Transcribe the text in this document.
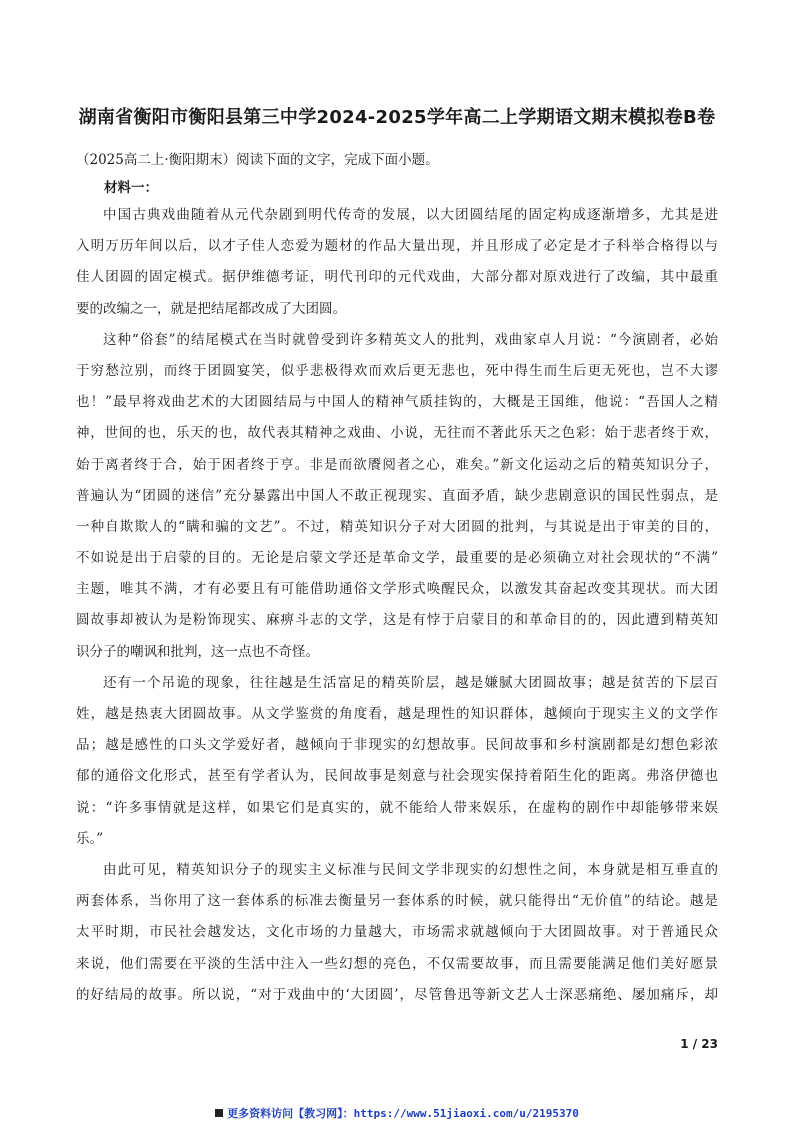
湖南省衡阳市衡阳县第三中学2024-2025学年高二上学期语文期末模拟卷B卷
（2025高二上·衡阳期末）阅读下面的文字，完成下面小题。
材料一：
中国古典戏曲随着从元代杂剧到明代传奇的发展，以大团圆结尾的固定构成逐渐增多，尤其是进
入明万历年间以后，以才子佳人恋爱为题材的作品大量出现，并且形成了必定是才子科举合格得以与
佳人团圆的固定模式。据伊维德考证，明代刊印的元代戏曲，大部分都对原戏进行了改编，其中最重
要的改编之一，就是把结尾都改成了大团圆。
这种“俗套”的结尾模式在当时就曾受到许多精英文人的批判，戏曲家卓人月说：“今演剧者，必始
于穷愁泣别，而终于团圆宴笑，似乎悲极得欢而欢后更无悲也，死中得生而生后更无死也，岂不大谬
也！”最早将戏曲艺术的大团圆结局与中国人的精神气质挂钩的，大概是王国维，他说：“吾国人之精
神，世间的也，乐天的也，故代表其精神之戏曲、小说，无往而不著此乐天之色彩：始于悲者终于欢，
始于离者终于合，始于困者终于亨。非是而欲餍阅者之心，难矣。”新文化运动之后的精英知识分子，
普遍认为“团圆的迷信”充分暴露出中国人不敢正视现实、直面矛盾，缺少悲剧意识的国民性弱点，是
一种自欺欺人的“瞒和骗的文艺”。不过，精英知识分子对大团圆的批判，与其说是出于审美的目的，
不如说是出于启蒙的目的。无论是启蒙文学还是革命文学，最重要的是必须确立对社会现状的“不满”
主题，唯其不满，才有必要且有可能借助通俗文学形式唤醒民众，以激发其奋起改变其现状。而大团
圆故事却被认为是粉饰现实、麻痹斗志的文学，这是有悖于启蒙目的和革命目的的，因此遭到精英知
识分子的嘲讽和批判，这一点也不奇怪。
还有一个吊诡的现象，往往越是生活富足的精英阶层，越是嫌腻大团圆故事；越是贫苦的下层百
姓，越是热衷大团圆故事。从文学鉴赏的角度看，越是理性的知识群体，越倾向于现实主义的文学作
品；越是感性的口头文学爱好者，越倾向于非现实的幻想故事。民间故事和乡村演剧都是幻想色彩浓
郁的通俗文化形式，甚至有学者认为，民间故事是刻意与社会现实保持着陌生化的距离。弗洛伊德也
说：“许多事情就是这样，如果它们是真实的，就不能给人带来娱乐，在虚构的剧作中却能够带来娱
乐。”
由此可见，精英知识分子的现实主义标准与民间文学非现实的幻想性之间，本身就是相互垂直的
两套体系，当你用了这一套体系的标准去衡量另一套体系的时候，就只能得出“无价值”的结论。越是
太平时期，市民社会越发达，文化市场的力量越大，市场需求就越倾向于大团圆故事。对于普通民众
来说，他们需要在平淡的生活中注入一些幻想的亮色，不仅需要故事，而且需要能满足他们美好愿景
的好结局的故事。所以说，“对于戏曲中的‘大团圆’，尽管鲁迅等新文艺人士深恶痛绝、屡加痛斥，却
1 / 23
更多资料访问【教习网】：https://www.51jiaoxi.com/u/2195370
